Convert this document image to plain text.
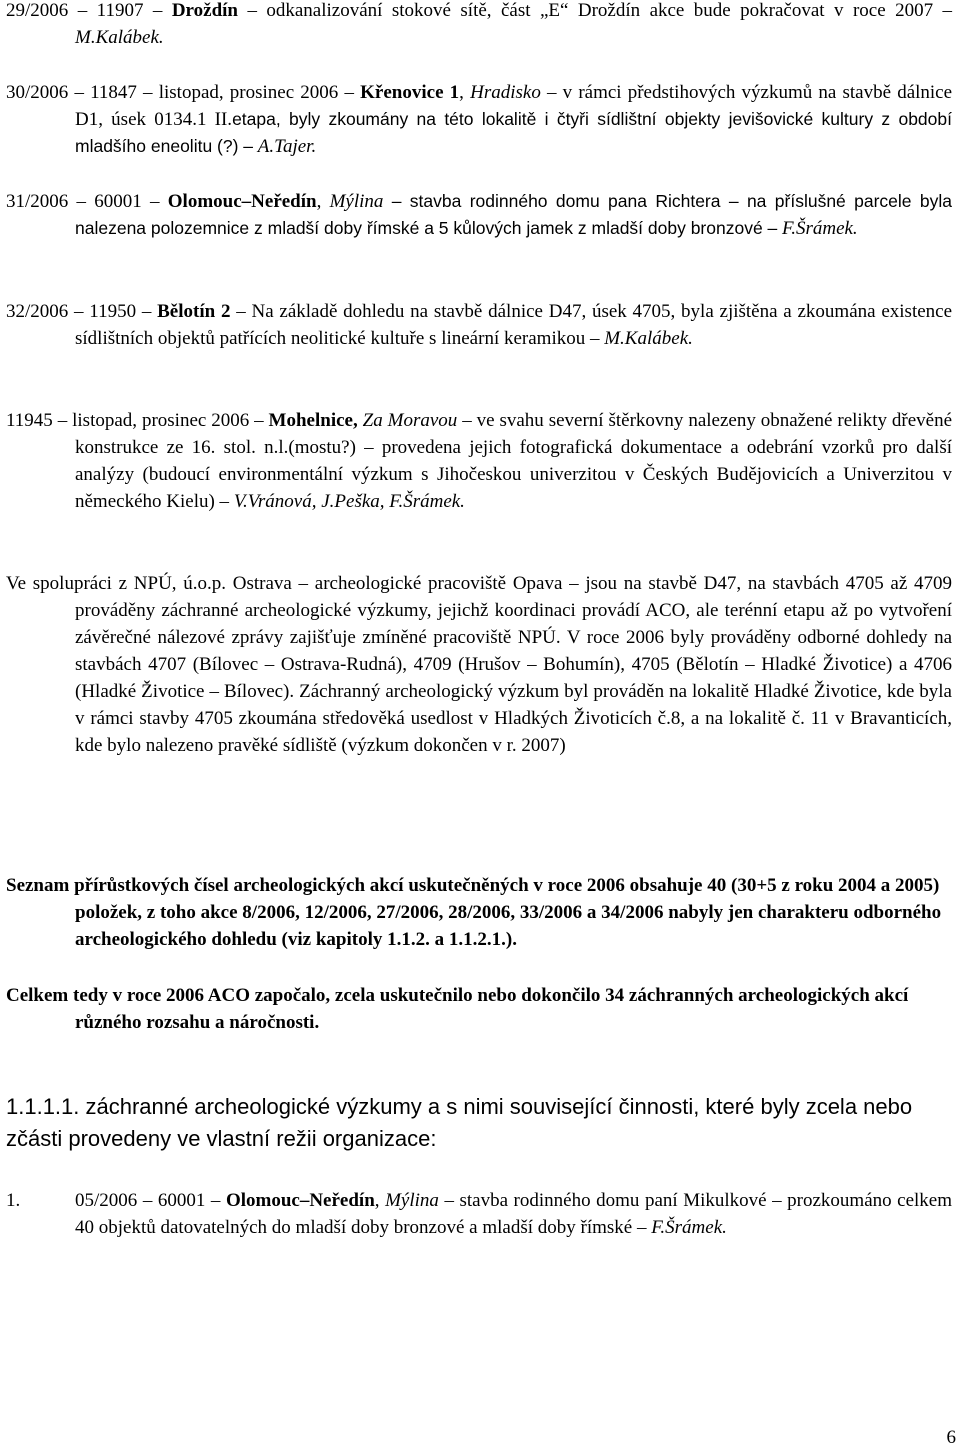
29/2006 – 11907 – Droždín – odkanalizování stokové sítě, část „E“ Droždín akce bude pokračovat v roce 2007 – M.Kalábek.

30/2006 – 11847 – listopad, prosinec 2006 – Křenovice 1, Hradisko – v rámci předstihových výzkumů na stavbě dálnice D1, úsek 0134.1 II.etapa, byly zkoumány na této lokalitě i čtyři sídlištní objekty jevišovické kultury z období mladšího eneolitu (?) – A.Tajer.

31/2006 – 60001 – Olomouc–Neředín, Mýlina – stavba rodinného domu pana Richtera – na příslušné parcele byla nalezena polozemnice z mladší doby římské a 5 kůlových jamek z mladší doby bronzové – F.Šrámek.

32/2006 – 11950 – Bělotín 2 – Na základě dohledu na stavbě dálnice D47, úsek 4705, byla zjištěna a zkoumána existence sídlištních objektů patřících neolitické kultuře s lineární keramikou – M.Kalábek.

11945 – listopad, prosinec 2006 – Mohelnice, Za Moravou – ve svahu severní štěrkovny nalezeny obnažené relikty dřevěné konstrukce ze 16. stol. n.l.(mostu?) – provedena jejich fotografická dokumentace a odebrání vzorků pro další analýzy (budoucí environmentální výzkum s Jihočeskou univerzitou v Českých Budějovicích a Univerzitou v německého Kielu) – V.Vránová, J.Peška, F.Šrámek.

Ve spolupráci z NPÚ, ú.o.p. Ostrava – archeologické pracoviště Opava – jsou na stavbě D47, na stavbách 4705 až 4709 prováděny záchranné archeologické výzkumy, jejichž koordinaci provádí ACO, ale terénní etapu až po vytvoření závěrečné nálezové zprávy zajišťuje zmíněné pracoviště NPÚ. V roce 2006 byly prováděny odborné dohledy na stavbách 4707 (Bílovec – Ostrava-Rudná), 4709 (Hrušov – Bohumín), 4705 (Bělotín – Hladké Životice) a 4706 (Hladké Životice – Bílovec). Záchranný archeologický výzkum byl prováděn na lokalitě Hladké Životice, kde byla v rámci stavby 4705 zkoumána středověká usedlost v Hladkých Životicích č.8, a na lokalitě č. 11 v Bravanticích, kde bylo nalezeno pravěké sídliště (výzkum dokončen v r. 2007)

Seznam přírůstkových čísel archeologických akcí uskutečněných v roce 2006 obsahuje 40 (30+5 z roku 2004 a 2005) položek, z toho akce 8/2006, 12/2006, 27/2006, 28/2006, 33/2006 a 34/2006 nabyly jen charakteru odborného archeologického dohledu (viz kapitoly 1.1.2. a 1.1.2.1.).

Celkem tedy v roce 2006 ACO započalo, zcela uskutečnilo nebo dokončilo 34 záchranných archeologických akcí různého rozsahu a náročnosti.

1.1.1.1. záchranné archeologické výzkumy a s nimi související činnosti, které byly zcela nebo zčásti provedeny ve vlastní režii organizace:

1.	05/2006 – 60001 – Olomouc–Neředín, Mýlina – stavba rodinného domu paní Mikulkové – prozkoumáno celkem 40 objektů datovatelných do mladší doby bronzové a mladší doby římské – F.Šrámek.

6
